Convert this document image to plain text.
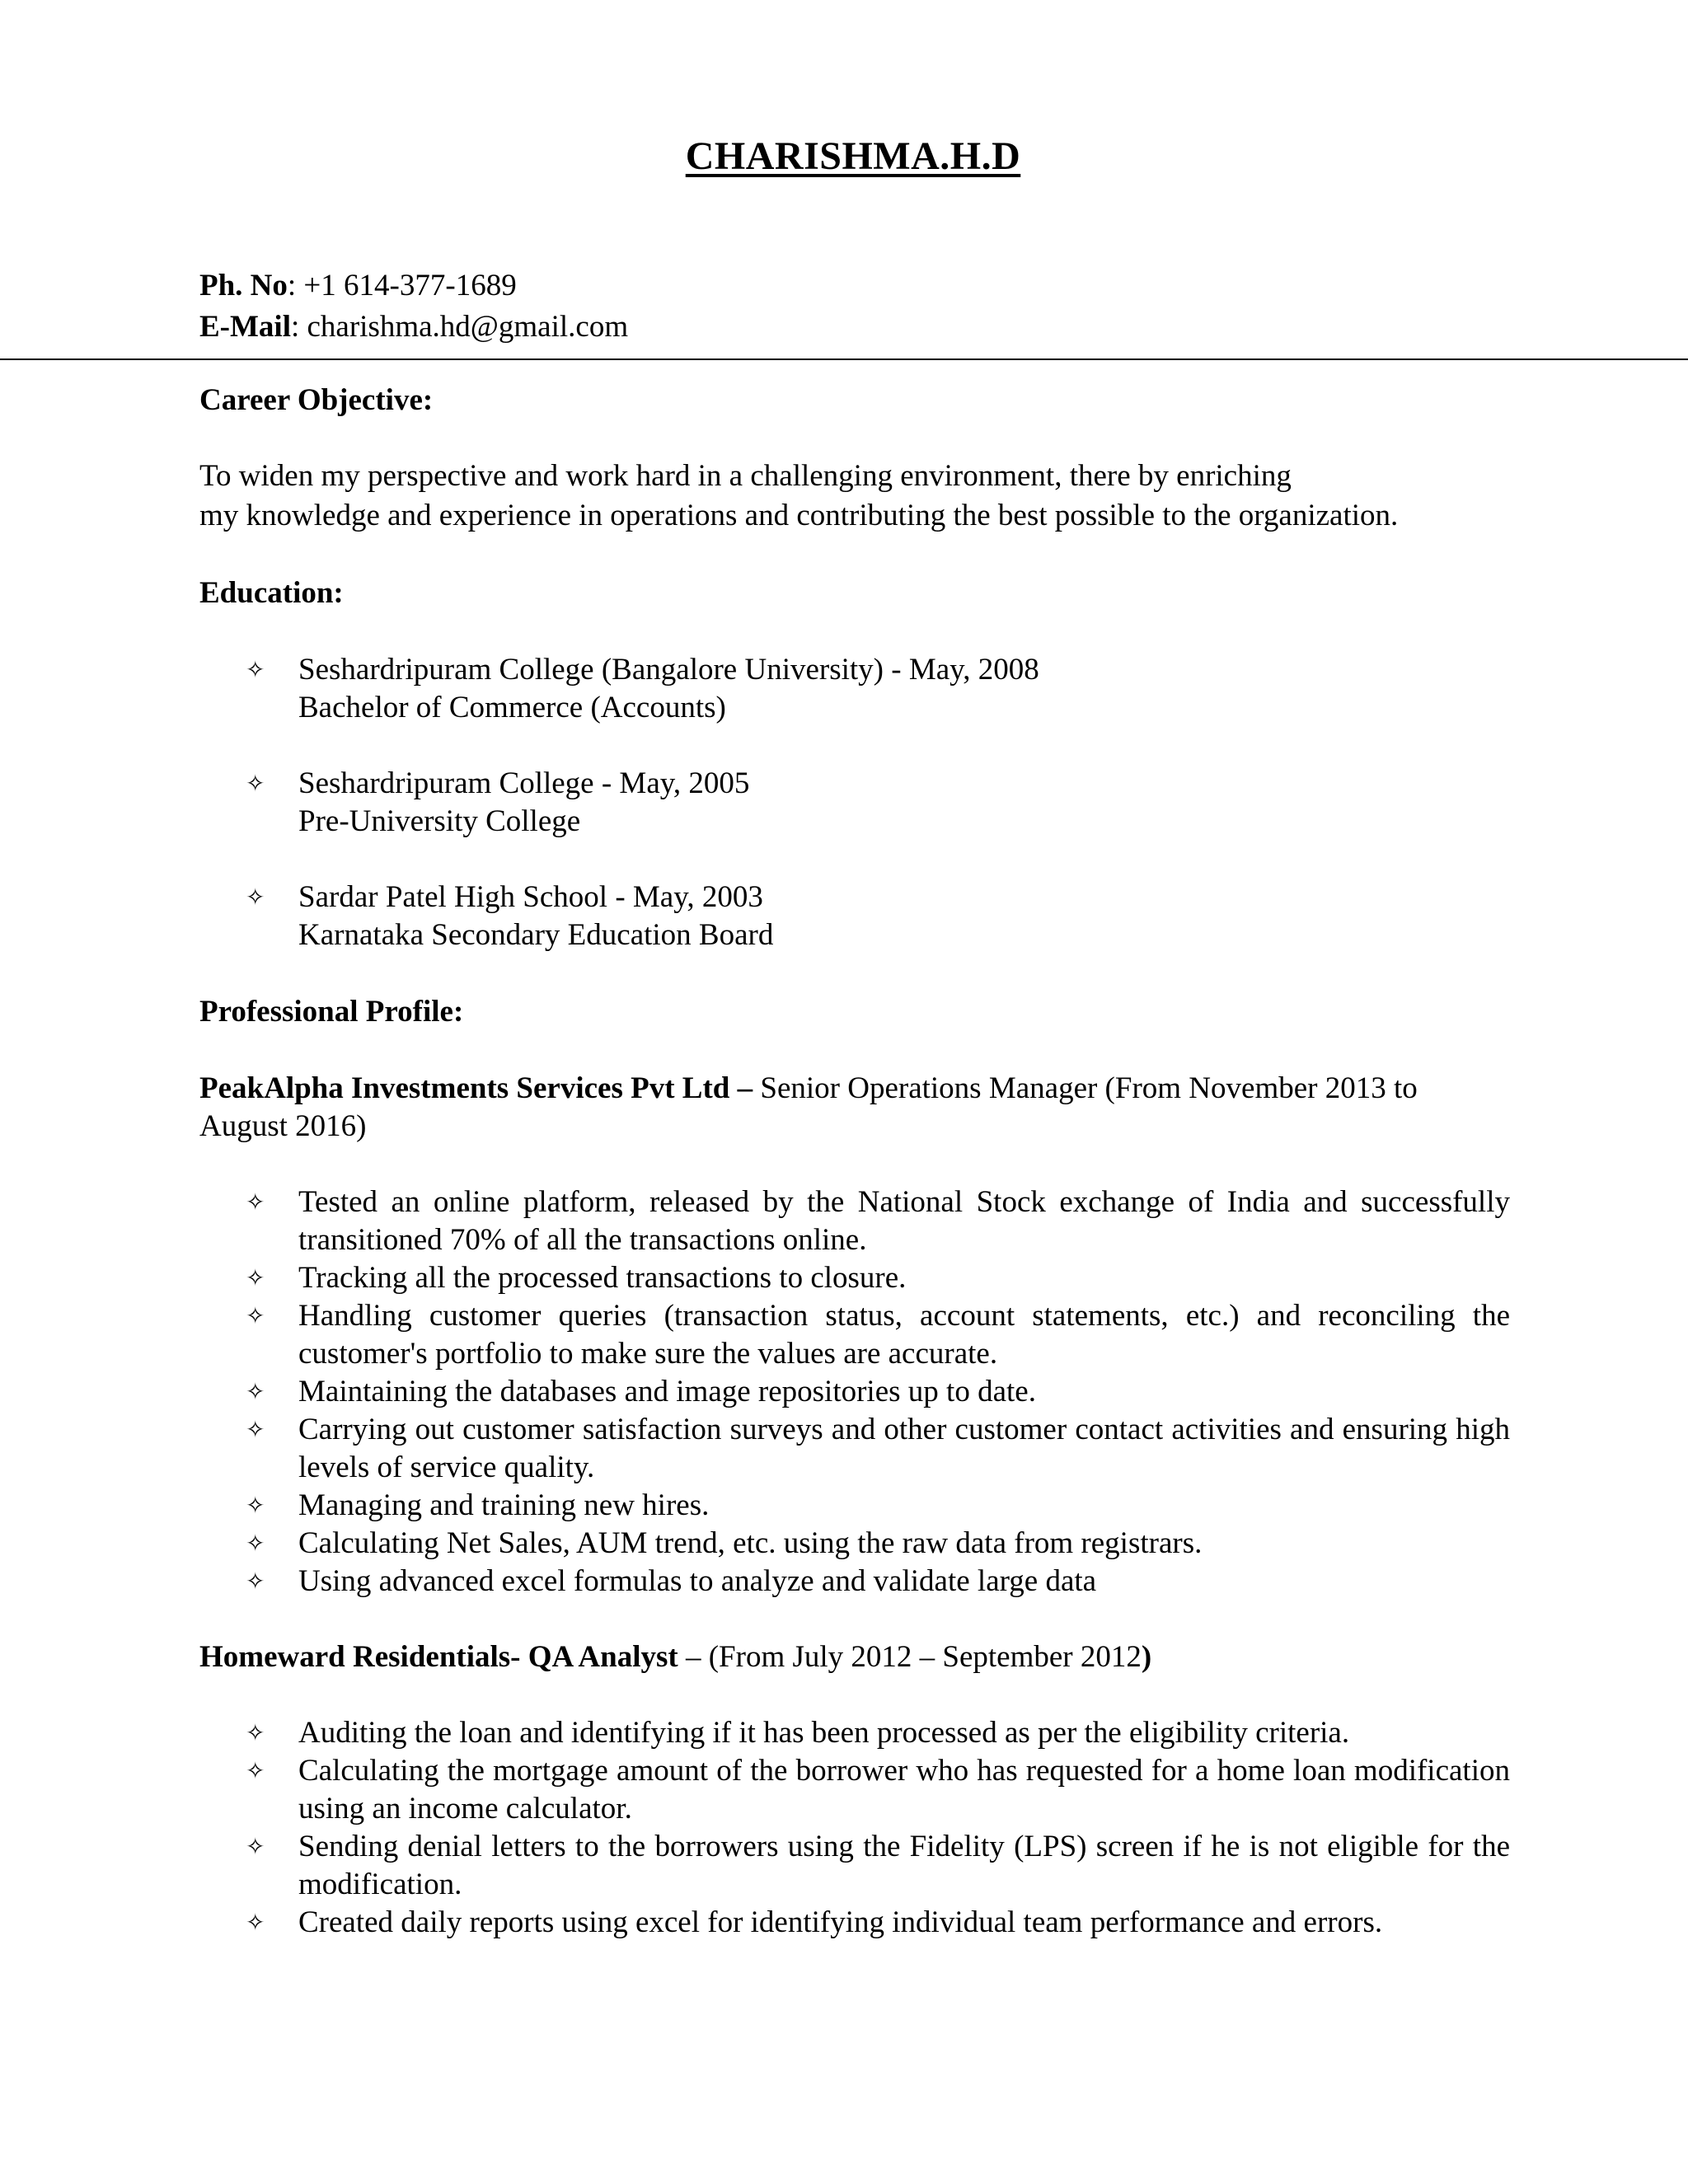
CHARISHMA.H.D
Ph. No: +1 614-377-1689
E-Mail: charishma.hd@gmail.com

Career Objective:

To widen my perspective and work hard in a challenging environment, there by enriching

my knowledge and experience in operations and contributing the best possible to the organization.

Education:

✧ Seshardripuram College (Bangalore University) - May, 2008
Bachelor of Commerce (Accounts)
✧ Seshardripuram College - May, 2005
Pre-University College
✧ Sardar Patel High School - May, 2003
Karnataka Secondary Education Board

Professional Profile:

PeakAlpha Investments Services Pvt Ltd – Senior Operations Manager (From November 2013 to August 2016)
✧ Tested an online platform, released by the National Stock exchange of India and successfully transitioned 70% of all the transactions online.
✧ Tracking all the processed transactions to closure.
✧ Handling customer queries (transaction status, account statements, etc.) and reconciling the customer's portfolio to make sure the values are accurate.
✧ Maintaining the databases and image repositories up to date.
✧ Carrying out customer satisfaction surveys and other customer contact activities and ensuring high levels of service quality.
✧ Managing and training new hires.
✧ Calculating Net Sales, AUM trend, etc. using the raw data from registrars.
✧ Using advanced excel formulas to analyze and validate large data
Homeward Residentials- QA Analyst – (From July 2012 – September 2012)
✧ Auditing the loan and identifying if it has been processed as per the eligibility criteria.
✧ Calculating the mortgage amount of the borrower who has requested for a home loan modification using an income calculator.
✧ Sending denial letters to the borrowers using the Fidelity (LPS) screen if he is not eligible for the modification.
✧ Created daily reports using excel for identifying individual team performance and errors.
